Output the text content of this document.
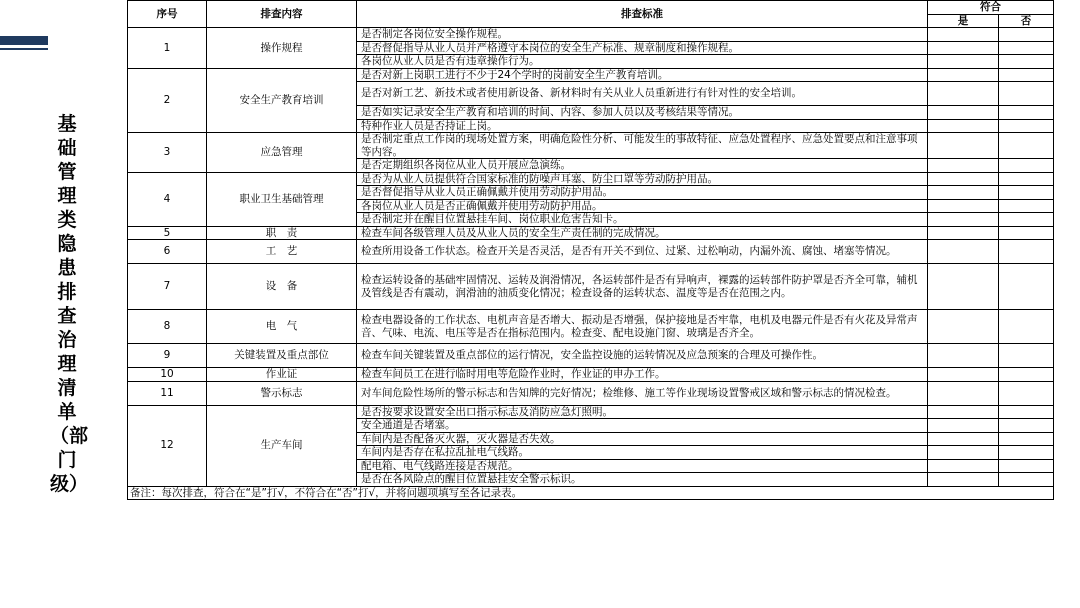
基础管理类隐患排查治理清单（部门级）
序号	排查内容	排查标准	符合	
			是	否
1	操作规程	是否制定各岗位安全操作规程。		
		是否督促指导从业人员并严格遵守本岗位的安全生产标准、规章制度和操作规程。		
		各岗位从业人员是否有违章操作行为。		
2	安全生产教育培训	是否对新上岗职工进行不少于24个学时的岗前安全生产教育培训。		
		是否对新工艺、新技术或者使用新设备、新材料时有关从业人员重新进行有针对性的安全培训。		
		是否如实记录安全生产教育和培训的时间、内容、参加人员以及考核结果等情况。		
		特种作业人员是否持证上岗。		
3	应急管理	是否制定重点工作岗的现场处置方案，明确危险性分析、可能发生的事故特征、应急处置程序、应急处置要点和注意事项等内容。		
		是否定期组织各岗位从业人员开展应急演练。		
4	职业卫生基础管理	是否为从业人员提供符合国家标准的防噪声耳塞、防尘口罩等劳动防护用品。		
		是否督促指导从业人员正确佩戴并使用劳动防护用品。		
		各岗位从业人员是否正确佩戴并使用劳动防护用品。		
		是否制定并在醒目位置悬挂车间、岗位职业危害告知卡。		
5	职　责	检查车间各级管理人员及从业人员的安全生产责任制的完成情况。		
6	工　艺	检查所用设备工作状态。检查开关是否灵活，是否有开关不到位、过紧、过松响动，内漏外流、腐蚀、堵塞等情况。		
7	设　备	检查运转设备的基础牢固情况、运转及润滑情况，各运转部件是否有异响声，裸露的运转部件防护罩是否齐全可靠，辅机及管线是否有震动，润滑油的油质变化情况；检查设备的运转状态、温度等是否在范围之内。		
8	电　气	检查电器设备的工作状态、电机声音是否增大、振动是否增强，保护接地是否牢靠，电机及电器元件是否有火花及异常声音、气味、电流、电压等是否在指标范围内。检查变、配电设施门窗、玻璃是否齐全。		
9	关键装置及重点部位	检查车间关键装置及重点部位的运行情况，安全监控设施的运转情况及应急预案的合理及可操作性。		
10	作业证	检查车间员工在进行临时用电等危险作业时，作业证的申办工作。		
11	警示标志	对车间危险性场所的警示标志和告知牌的完好情况；检维修、施工等作业现场设置警戒区域和警示标志的情况检查。		
12	生产车间	是否按要求设置安全出口指示标志及消防应急灯照明。		
		安全通道是否堵塞。		
		车间内是否配备灭火器，灭火器是否失效。		
		车间内是否存在私拉乱扯电气线路。		
		配电箱、电气线路连接是否规范。		
		是否在各风险点的醒目位置悬挂安全警示标识。		
备注：每次排查，符合在“是”打√，不符合在“否”打√，并将问题项填写至各记录表。				
